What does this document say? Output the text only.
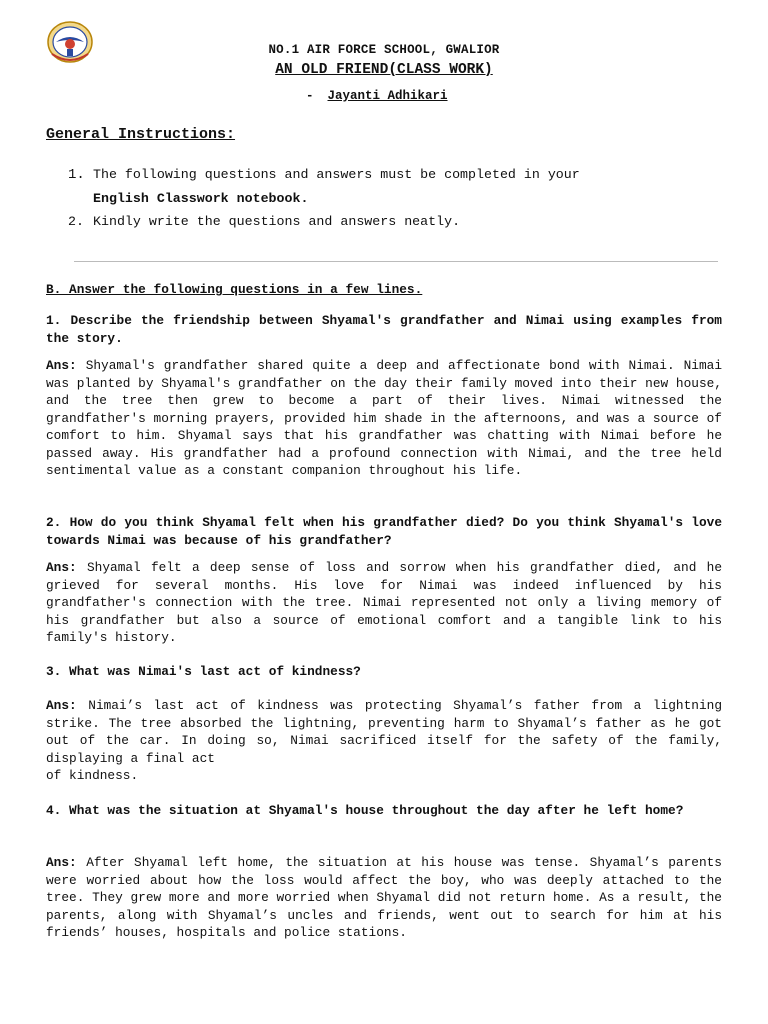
NO.1 AIR FORCE SCHOOL, GWALIOR
AN OLD FRIEND(CLASS WORK)
- Jayanti Adhikari
General Instructions:
1. The following questions and answers must be completed in your
English Classwork notebook.
2. Kindly write the questions and answers neatly.
B. Answer the following questions in a few lines.
1. Describe the friendship between Shyamal's grandfather and Nimai using examples from the story.
Ans: Shyamal's grandfather shared quite a deep and affectionate bond with Nimai. Nimai was planted by Shyamal's grandfather on the day their family moved into their new house, and the tree then grew to become a part of their lives. Nimai witnessed the grandfather's morning prayers, provided him shade in the afternoons, and was a source of comfort to him. Shyamal says that his grandfather was chatting with Nimai before he passed away. His grandfather had a profound connection with Nimai, and the tree held sentimental value as a constant companion throughout his life.
2. How do you think Shyamal felt when his grandfather died? Do you think Shyamal's love towards Nimai was because of his grandfather?
Ans: Shyamal felt a deep sense of loss and sorrow when his grandfather died, and he grieved for several months. His love for Nimai was indeed influenced by his grandfather's connection with the tree. Nimai represented not only a living memory of his grandfather but also a source of emotional comfort and a tangible link to his family's history.
3. What was Nimai's last act of kindness?
Ans: Nimai’s last act of kindness was protecting Shyamal’s father from a lightning strike. The tree absorbed the lightning, preventing harm to Shyamal’s father as he got out of the car. In doing so, Nimai sacrificed itself for the safety of the family, displaying a final act
of kindness.
4. What was the situation at Shyamal's house throughout the day after he left home?
Ans: After Shyamal left home, the situation at his house was tense. Shyamal’s parents were worried about how the loss would affect the boy, who was deeply attached to the tree. They grew more and more worried when Shyamal did not return home. As a result, the parents, along with Shyamal’s uncles and friends, went out to search for him at his friends’ houses, hospitals and police stations.
